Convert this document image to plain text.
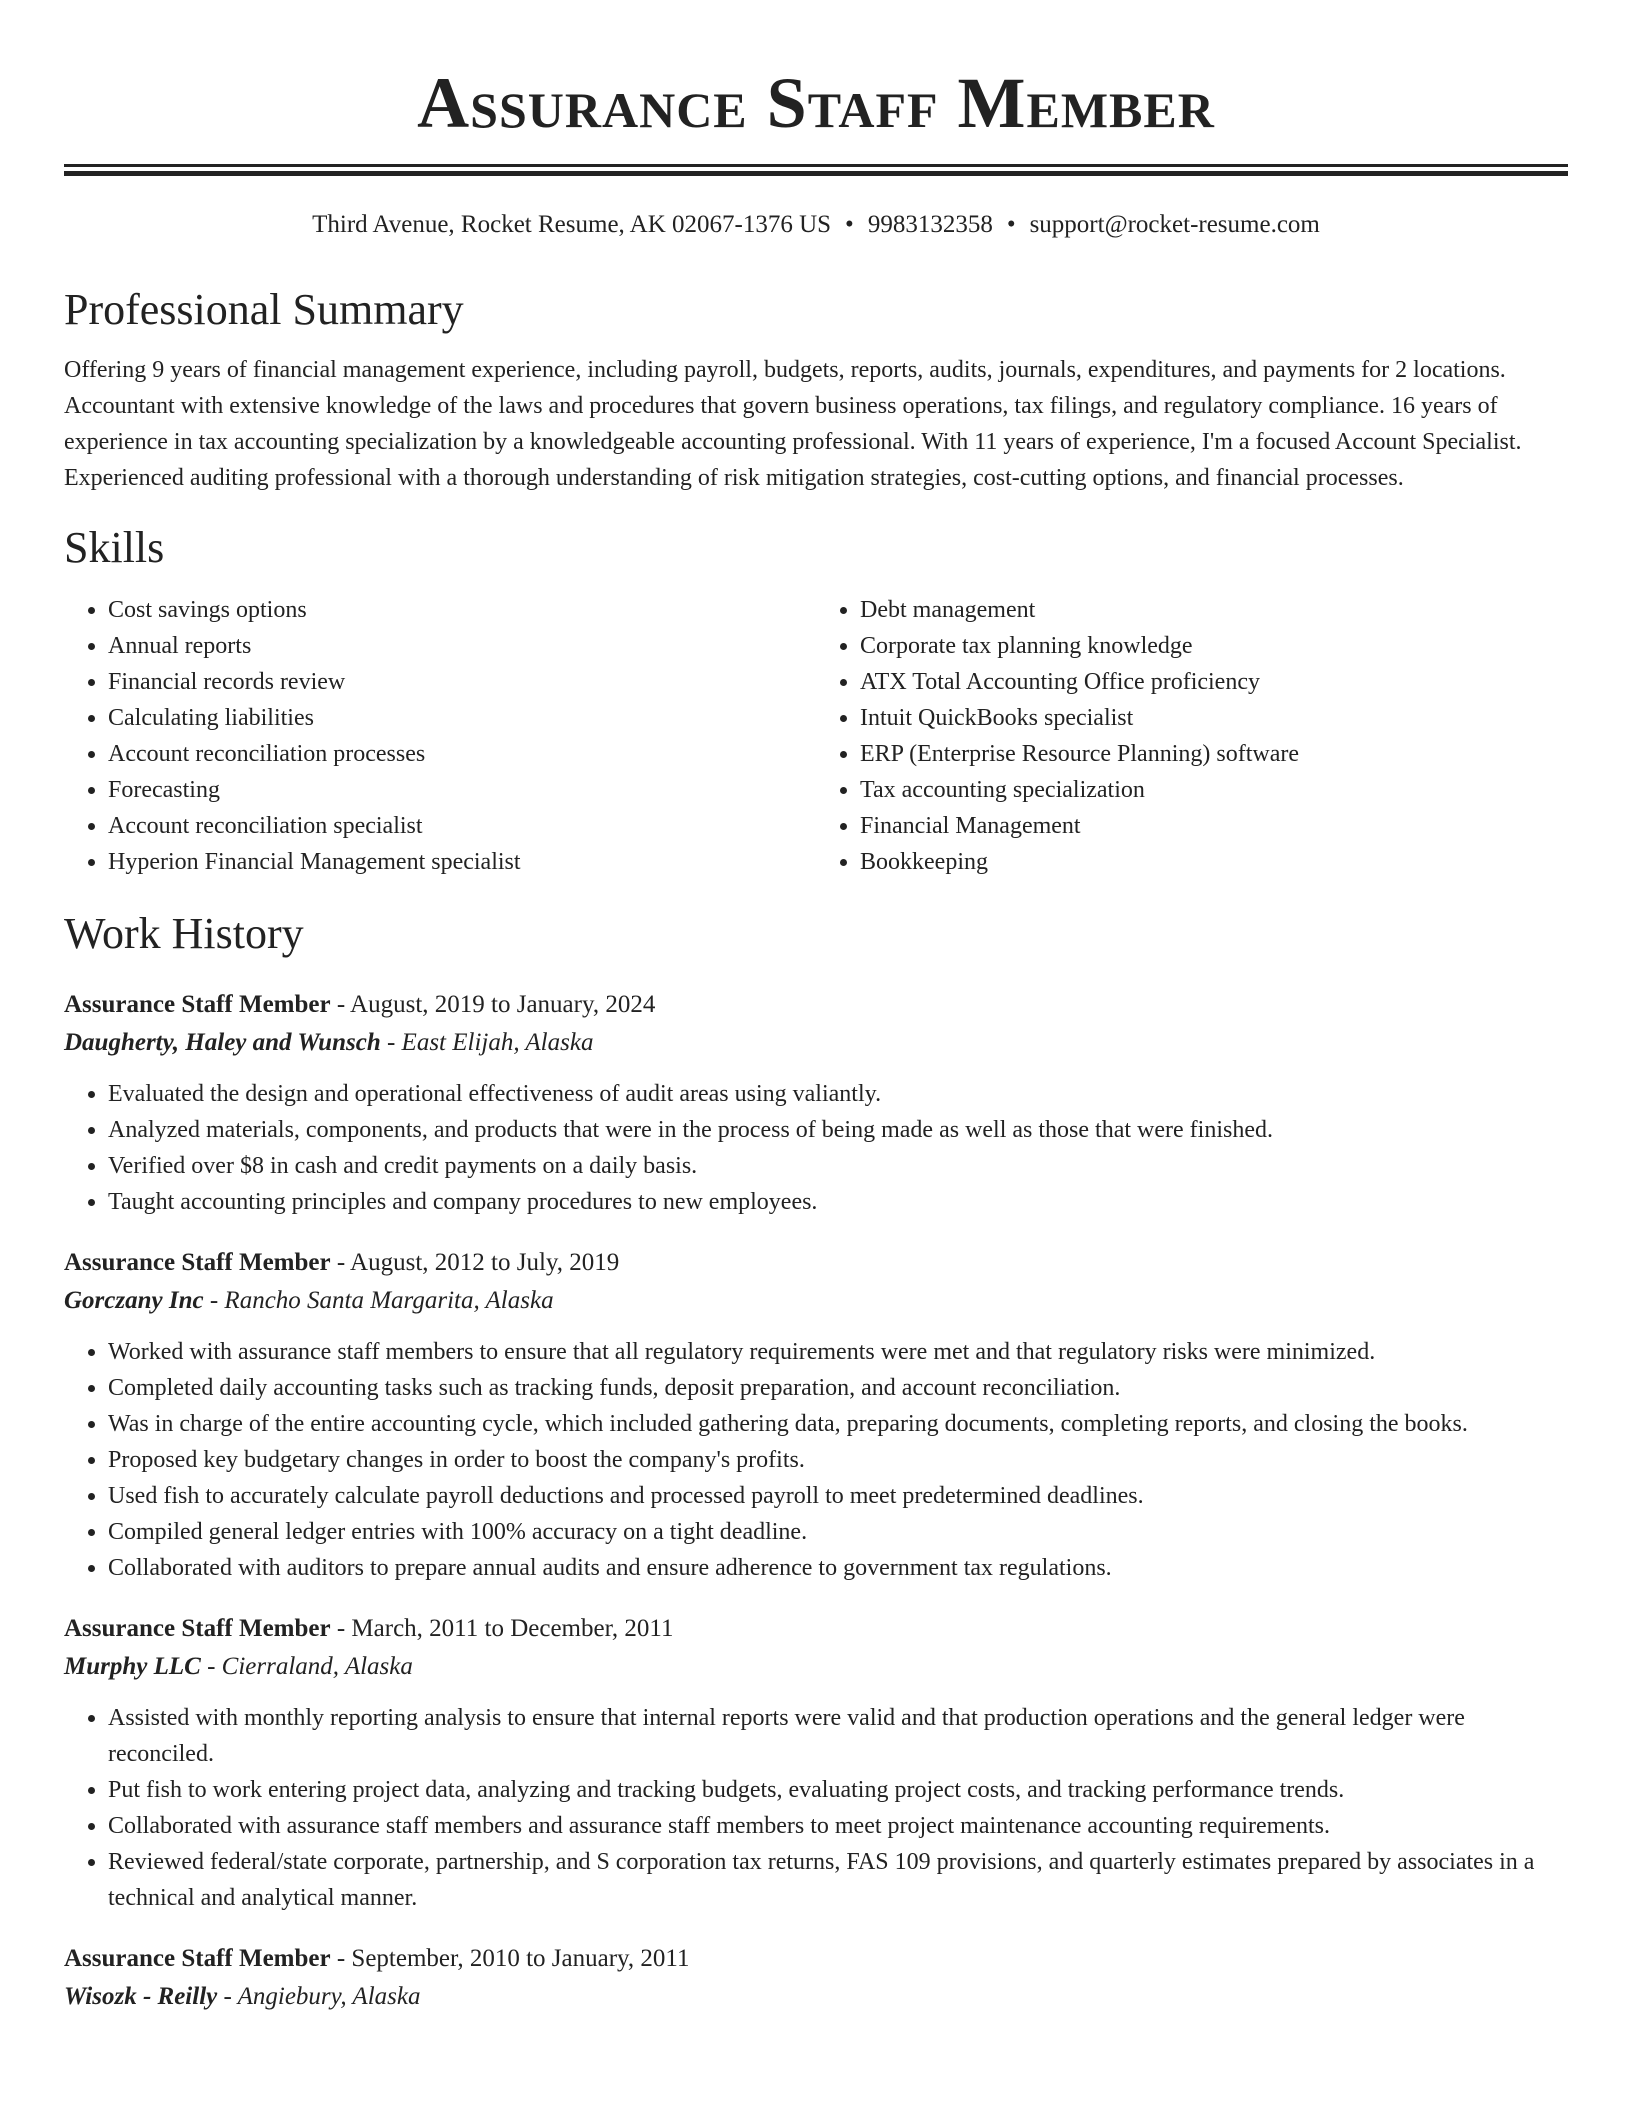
Assurance Staff Member
Third Avenue, Rocket Resume, AK 02067-1376 US • 9983132358 • support@rocket-resume.com
Professional Summary
Offering 9 years of financial management experience, including payroll, budgets, reports, audits, journals, expenditures, and payments for 2 locations. Accountant with extensive knowledge of the laws and procedures that govern business operations, tax filings, and regulatory compliance. 16 years of experience in tax accounting specialization by a knowledgeable accounting professional. With 11 years of experience, I'm a focused Account Specialist. Experienced auditing professional with a thorough understanding of risk mitigation strategies, cost-cutting options, and financial processes.
Skills
• Cost savings options
• Annual reports
• Financial records review
• Calculating liabilities
• Account reconciliation processes
• Forecasting
• Account reconciliation specialist
• Hyperion Financial Management specialist
• Debt management
• Corporate tax planning knowledge
• ATX Total Accounting Office proficiency
• Intuit QuickBooks specialist
• ERP (Enterprise Resource Planning) software
• Tax accounting specialization
• Financial Management
• Bookkeeping
Work History
Assurance Staff Member - August, 2019 to January, 2024
Daugherty, Haley and Wunsch - East Elijah, Alaska
• Evaluated the design and operational effectiveness of audit areas using valiantly.
• Analyzed materials, components, and products that were in the process of being made as well as those that were finished.
• Verified over $8 in cash and credit payments on a daily basis.
• Taught accounting principles and company procedures to new employees.
Assurance Staff Member - August, 2012 to July, 2019
Gorczany Inc - Rancho Santa Margarita, Alaska
• Worked with assurance staff members to ensure that all regulatory requirements were met and that regulatory risks were minimized.
• Completed daily accounting tasks such as tracking funds, deposit preparation, and account reconciliation.
• Was in charge of the entire accounting cycle, which included gathering data, preparing documents, completing reports, and closing the books.
• Proposed key budgetary changes in order to boost the company's profits.
• Used fish to accurately calculate payroll deductions and processed payroll to meet predetermined deadlines.
• Compiled general ledger entries with 100% accuracy on a tight deadline.
• Collaborated with auditors to prepare annual audits and ensure adherence to government tax regulations.
Assurance Staff Member - March, 2011 to December, 2011
Murphy LLC - Cierraland, Alaska
• Assisted with monthly reporting analysis to ensure that internal reports were valid and that production operations and the general ledger were reconciled.
• Put fish to work entering project data, analyzing and tracking budgets, evaluating project costs, and tracking performance trends.
• Collaborated with assurance staff members and assurance staff members to meet project maintenance accounting requirements.
• Reviewed federal/state corporate, partnership, and S corporation tax returns, FAS 109 provisions, and quarterly estimates prepared by associates in a technical and analytical manner.
Assurance Staff Member - September, 2010 to January, 2011
Wisozk - Reilly - Angiebury, Alaska
